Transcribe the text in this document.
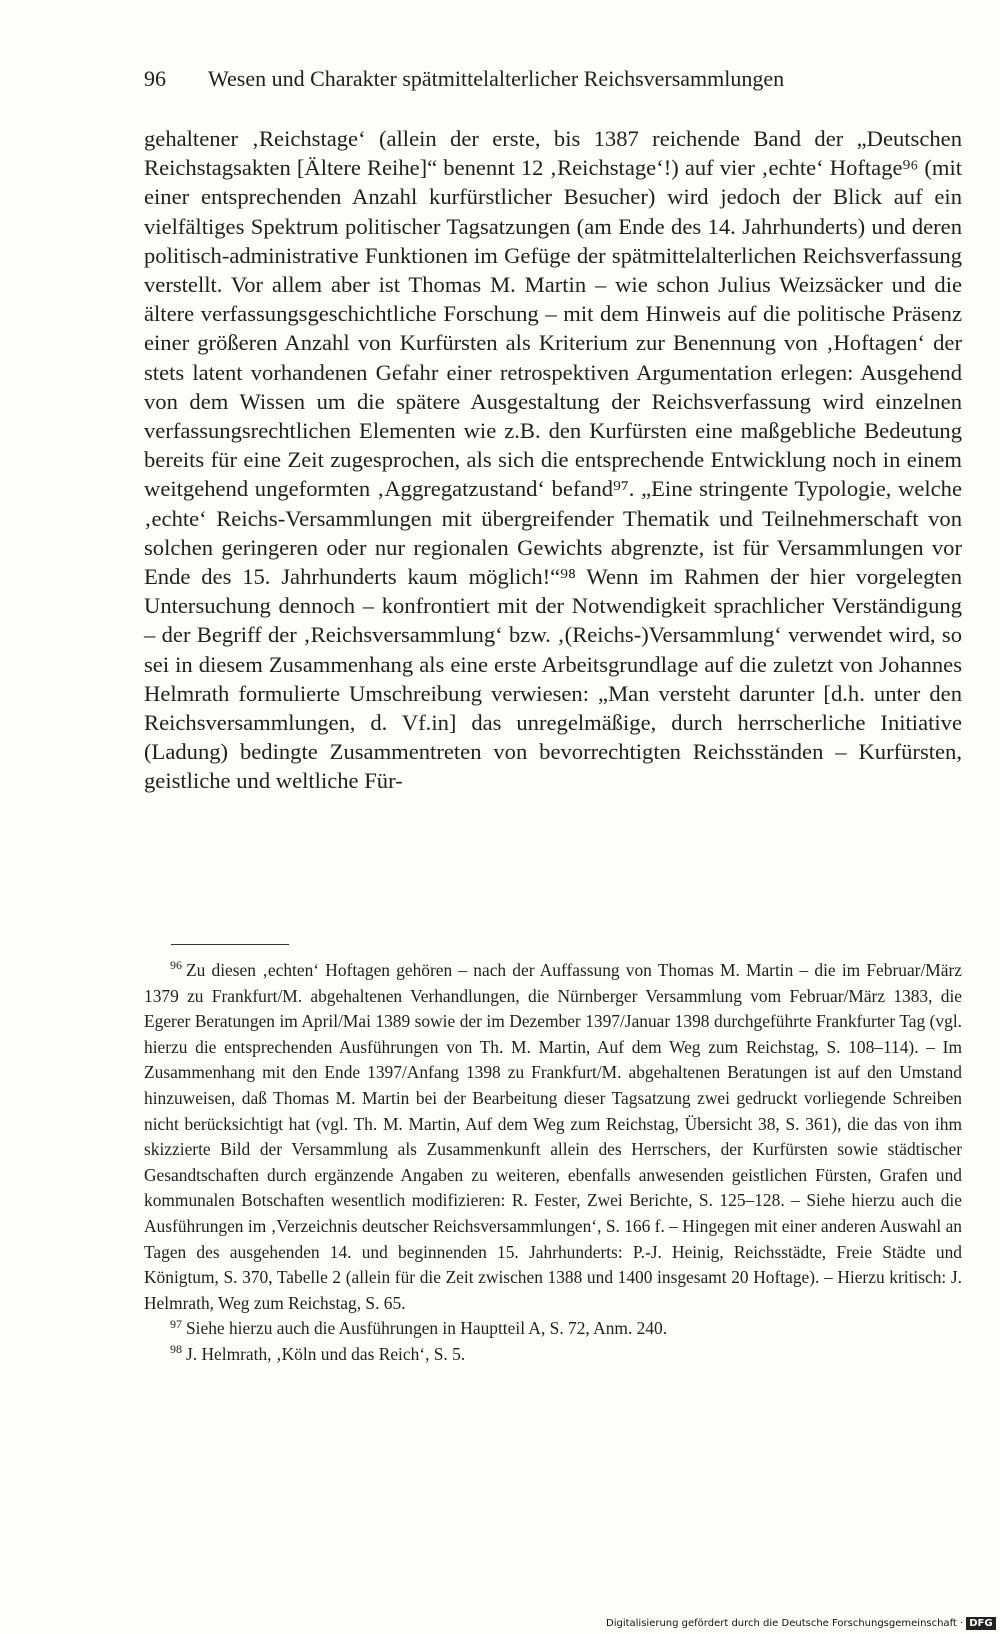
96 Wesen und Charakter spätmittelalterlicher Reichsversammlungen

gehaltener ‚Reichstage‘ (allein der erste, bis 1387 reichende Band der „Deutschen Reichstagsakten [Ältere Reihe]“ benennt 12 ‚Reichstage‘!) auf vier ‚echte‘ Hoftage⁹⁶ (mit einer entsprechenden Anzahl kurfürstlicher Besucher) wird jedoch der Blick auf ein vielfältiges Spektrum politischer Tagsatzungen (am Ende des 14. Jahrhunderts) und deren politisch-administrative Funktionen im Gefüge der spätmittelalterlichen Reichsverfassung verstellt. Vor allem aber ist Thomas M. Martin – wie schon Julius Weizsäcker und die ältere verfassungsgeschichtliche Forschung – mit dem Hinweis auf die politische Präsenz einer größeren Anzahl von Kurfürsten als Kriterium zur Benennung von ‚Hoftagen‘ der stets latent vorhandenen Gefahr einer retrospektiven Argumentation erlegen: Ausgehend von dem Wissen um die spätere Ausgestaltung der Reichsverfassung wird einzelnen verfassungsrechtlichen Elementen wie z.B. den Kurfürsten eine maßgebliche Bedeutung bereits für eine Zeit zugesprochen, als sich die entsprechende Entwicklung noch in einem weitgehend ungeformten ‚Aggregatzustand‘ befand⁹⁷. „Eine stringente Typologie, welche ‚echte‘ Reichs-Versammlungen mit übergreifender Thematik und Teilnehmerschaft von solchen geringeren oder nur regionalen Gewichts abgrenzte, ist für Versammlungen vor Ende des 15. Jahrhunderts kaum möglich!“⁹⁸ Wenn im Rahmen der hier vorgelegten Untersuchung dennoch – konfrontiert mit der Notwendigkeit sprachlicher Verständigung – der Begriff der ‚Reichsversammlung‘ bzw. ‚(Reichs-)Versammlung‘ verwendet wird, so sei in diesem Zusammenhang als eine erste Arbeitsgrundlage auf die zuletzt von Johannes Helmrath formulierte Umschreibung verwiesen: „Man versteht darunter [d.h. unter den Reichsversammlungen, d. Vf.in] das unregelmäßige, durch herrscherliche Initiative (Ladung) bedingte Zusammentreten von bevorrechtigten Reichsständen – Kurfürsten, geistliche und weltliche Für-

$^{96}$ Zu diesen ‚echten‘ Hoftagen gehören – nach der Auffassung von Thomas M. Martin – die im Februar/März 1379 zu Frankfurt/M. abgehaltenen Verhandlungen, die Nürnberger Versammlung vom Februar/März 1383, die Egerer Beratungen im April/Mai 1389 sowie der im Dezember 1397/Januar 1398 durchgeführte Frankfurter Tag (vgl. hierzu die entsprechenden Ausführungen von Th. M. Martin, Auf dem Weg zum Reichstag, S. 108–114). – Im Zusammenhang mit den Ende 1397/Anfang 1398 zu Frankfurt/M. abgehaltenen Beratungen ist auf den Umstand hinzuweisen, daß Thomas M. Martin bei der Bearbeitung dieser Tagsatzung zwei gedruckt vorliegende Schreiben nicht berücksichtigt hat (vgl. Th. M. Martin, Auf dem Weg zum Reichstag, Übersicht 38, S. 361), die das von ihm skizzierte Bild der Versammlung als Zusammenkunft allein des Herrschers, der Kurfürsten sowie städtischer Gesandtschaften durch ergänzende Angaben zu weiteren, ebenfalls anwesenden geistlichen Fürsten, Grafen und kommunalen Botschaften wesentlich modifizieren: R. Fester, Zwei Berichte, S. 125–128. – Siehe hierzu auch die Ausführungen im ‚Verzeichnis deutscher Reichsversammlungen‘, S. 166 f. – Hingegen mit einer anderen Auswahl an Tagen des ausgehenden 14. und beginnenden 15. Jahrhunderts: P.-J. Heinig, Reichsstädte, Freie Städte und Königtum, S. 370, Tabelle 2 (allein für die Zeit zwischen 1388 und 1400 insgesamt 20 Hoftage). – Hierzu kritisch: J. Helmrath, Weg zum Reichstag, S. 65.

$^{97}$ Siehe hierzu auch die Ausführungen in Hauptteil A, S. 72, Anm. 240.

$^{98}$ J. Helmrath, ‚Köln und das Reich‘, S. 5.

Digitalisierung gefördert durch die Deutsche Forschungsgemeinschaft · DFG
